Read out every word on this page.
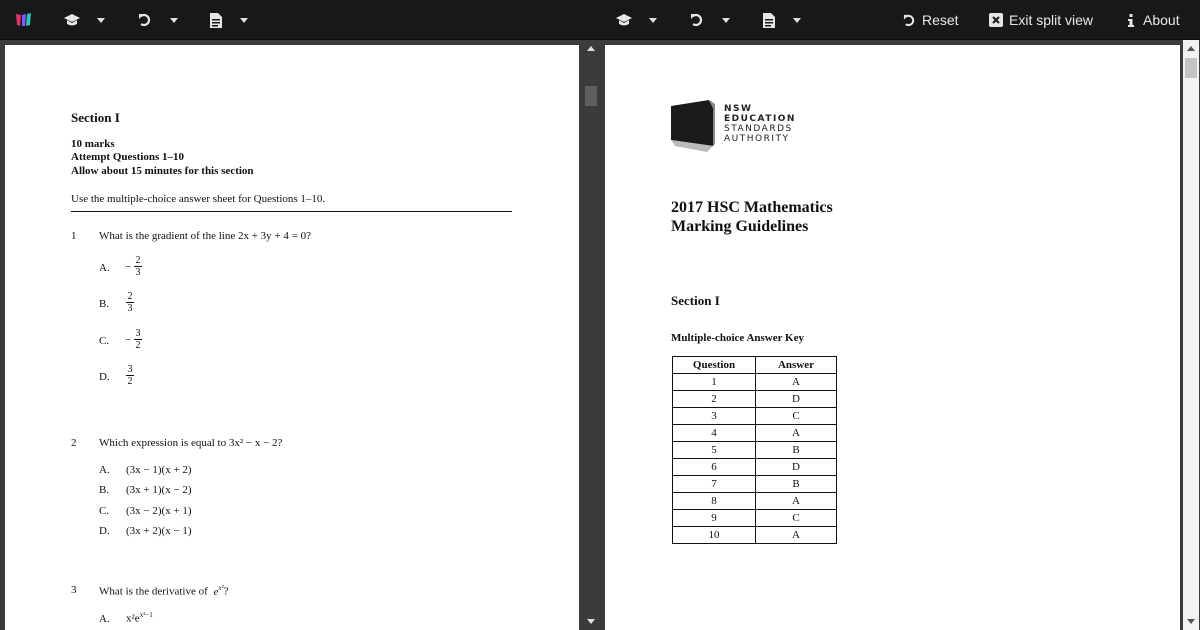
Reset	Exit split view	About
Section I
10 marks
Attempt Questions 1–10
Allow about 15 minutes for this section
Use the multiple-choice answer sheet for Questions 1–10.
1 What is the gradient of the line 2x + 3y + 4 = 0?
A. −
2
3
B.
2
3
C. −
3
2
D.
3
2
2 Which expression is equal to 3x² − x − 2?
A. (3x − 1)(x + 2)
B. (3x + 1)(x − 2)
C. (3x − 2)(x + 1)
D. (3x + 2)(x − 1)
3 What is the derivative of $e^{x^2}$?
A. $x^2e^{x^2-1}$
NSW
EDUCATION
STANDARDS
AUTHORITY
2017 HSC Mathematics
Marking Guidelines
Section I
Multiple-choice Answer Key
Question	Answer
1	A
2	D
3	C
4	A
5	B
6	D
7	B
8	A
9	C
10	A
